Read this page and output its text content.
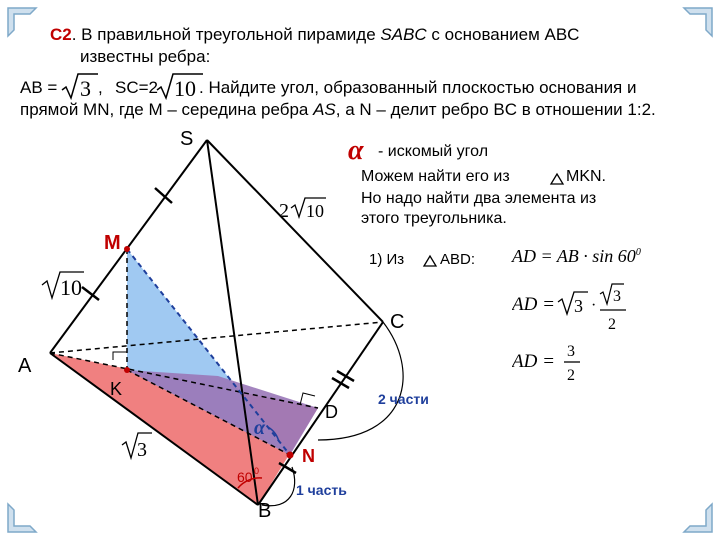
C2. В правильной треугольной пирамиде SABC с основанием ABC
известны ребра:
AB = 3 , SC=2 10 . Найдите угол, образованный плоскостью основания и
прямой MN, где M – середина ребра AS, а N – делит ребро BC в отношении 1:2.
2 10
10
3
S
A
B
C
M
K
D
N
α
60 0
2 части
1 часть
α - искомый угол
Можем найти его из	MKN.
Но надо найти два элемента из
этого треугольника.
1) Из ABD: AD = AB · $\sin 60^0$
AD = 3 ·
3
2
AD = 3
2
